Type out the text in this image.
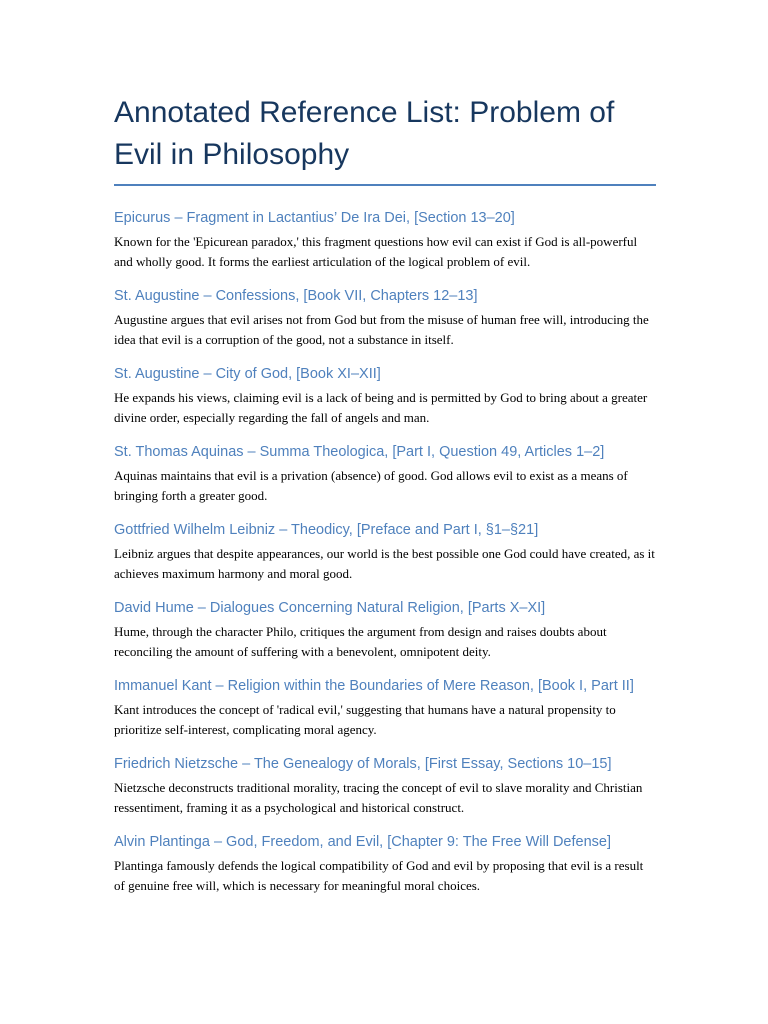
Annotated Reference List: Problem of Evil in Philosophy
Epicurus – Fragment in Lactantius’ De Ira Dei, [Section 13–20]

Known for the 'Epicurean paradox,' this fragment questions how evil can exist if God is all-powerful and wholly good. It forms the earliest articulation of the logical problem of evil.

St. Augustine – Confessions, [Book VII, Chapters 12–13]

Augustine argues that evil arises not from God but from the misuse of human free will, introducing the idea that evil is a corruption of the good, not a substance in itself.

St. Augustine – City of God, [Book XI–XII]

He expands his views, claiming evil is a lack of being and is permitted by God to bring about a greater divine order, especially regarding the fall of angels and man.

St. Thomas Aquinas – Summa Theologica, [Part I, Question 49, Articles 1–2]

Aquinas maintains that evil is a privation (absence) of good. God allows evil to exist as a means of bringing forth a greater good.

Gottfried Wilhelm Leibniz – Theodicy, [Preface and Part I, §1–§21]

Leibniz argues that despite appearances, our world is the best possible one God could have created, as it achieves maximum harmony and moral good.

David Hume – Dialogues Concerning Natural Religion, [Parts X–XI]

Hume, through the character Philo, critiques the argument from design and raises doubts about reconciling the amount of suffering with a benevolent, omnipotent deity.

Immanuel Kant – Religion within the Boundaries of Mere Reason, [Book I, Part II]

Kant introduces the concept of 'radical evil,' suggesting that humans have a natural propensity to prioritize self-interest, complicating moral agency.

Friedrich Nietzsche – The Genealogy of Morals, [First Essay, Sections 10–15]

Nietzsche deconstructs traditional morality, tracing the concept of evil to slave morality and Christian ressentiment, framing it as a psychological and historical construct.

Alvin Plantinga – God, Freedom, and Evil, [Chapter 9: The Free Will Defense]

Plantinga famously defends the logical compatibility of God and evil by proposing that evil is a result of genuine free will, which is necessary for meaningful moral choices.
